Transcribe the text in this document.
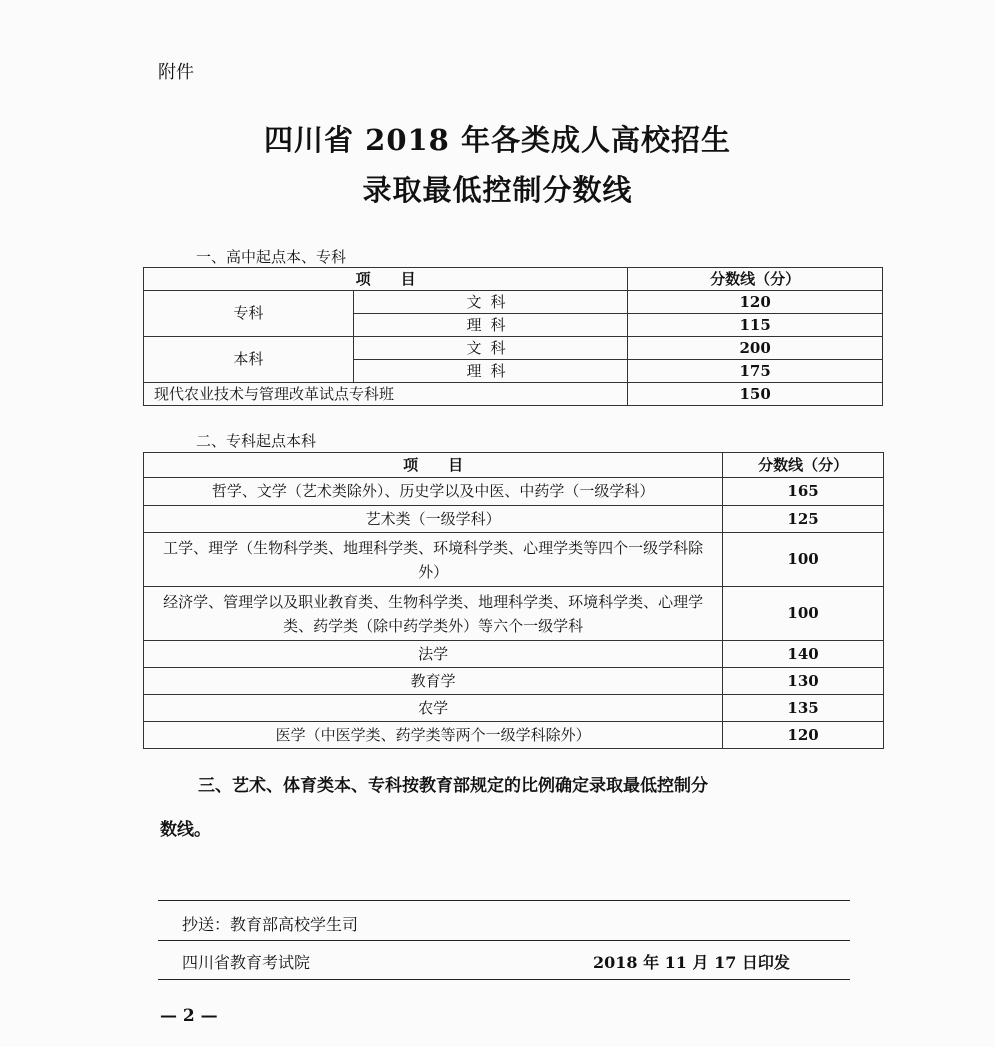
附件
四川省 2018 年各类成人高校招生
录取最低控制分数线
一、高中起点本、专科
项　　目		分数线（分）
专科	文科	120
	理科	115
本科	文科	200
	理科	175
现代农业技术与管理改革试点专科班		150
二、专科起点本科
项　　目	分数线（分）
哲学、文学（艺术类除外）、历史学以及中医、中药学（一级学科）	165
艺术类（一级学科）	125
工学、理学（生物科学类、地理科学类、环境科学类、心理学类等四个一级学科除外）	100
经济学、管理学以及职业教育类、生物科学类、地理科学类、环境科学类、心理学类、药学类（除中药学类外）等六个一级学科	100
法学	140
教育学	130
农学	135
医学（中医学类、药学类等两个一级学科除外）	120
三、艺术、体育类本、专科按教育部规定的比例确定录取最低控制分
数线。
抄送：教育部高校学生司
四川省教育考试院	2018 年 11 月 17 日印发
— 2 —
